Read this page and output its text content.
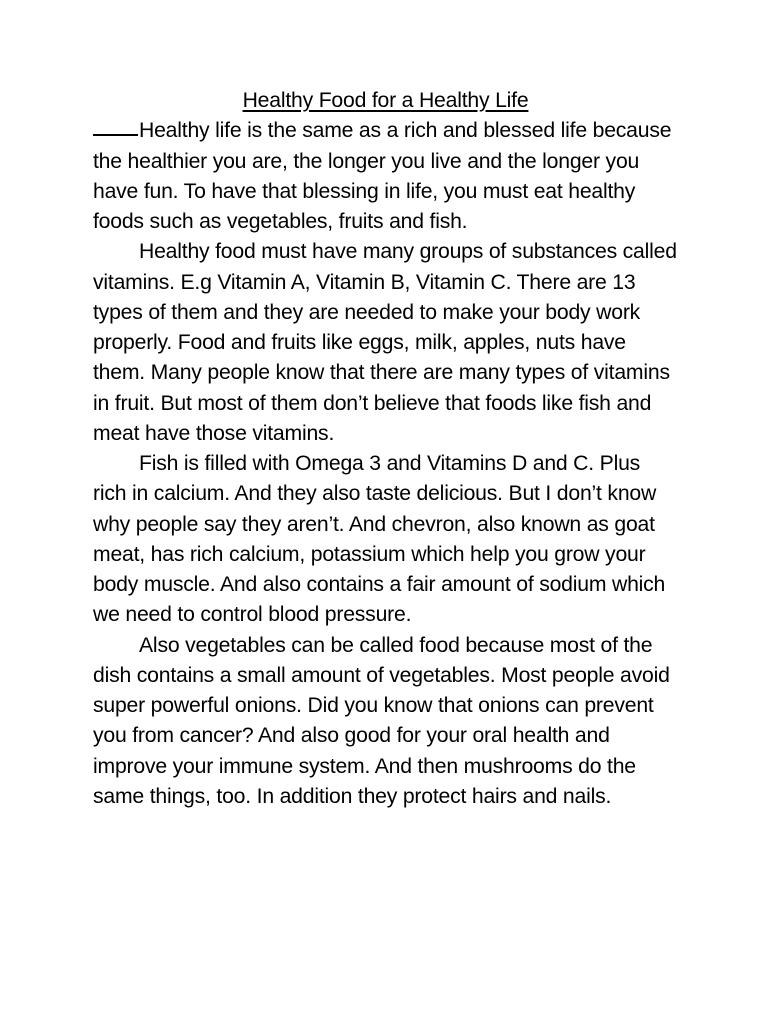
Healthy Food for a Healthy Life

Healthy life is the same as a rich and blessed life because the healthier you are, the longer you live and the longer you have fun. To have that blessing in life, you must eat healthy foods such as vegetables, fruits and fish.

Healthy food must have many groups of substances called vitamins. E.g Vitamin A, Vitamin B, Vitamin C. There are 13 types of them and they are needed to make your body work properly. Food and fruits like eggs, milk, apples, nuts have them. Many people know that there are many types of vitamins in fruit. But most of them don’t believe that foods like fish and meat have those vitamins.

Fish is filled with Omega 3 and Vitamins D and C. Plus rich in calcium. And they also taste delicious. But I don’t know why people say they aren’t. And chevron, also known as goat meat, has rich calcium, potassium which help you grow your body muscle. And also contains a fair amount of sodium which we need to control blood pressure.

Also vegetables can be called food because most of the dish contains a small amount of vegetables. Most people avoid super powerful onions. Did you know that onions can prevent you from cancer? And also good for your oral health and improve your immune system. And then mushrooms do the same things, too. In addition they protect hairs and nails.
